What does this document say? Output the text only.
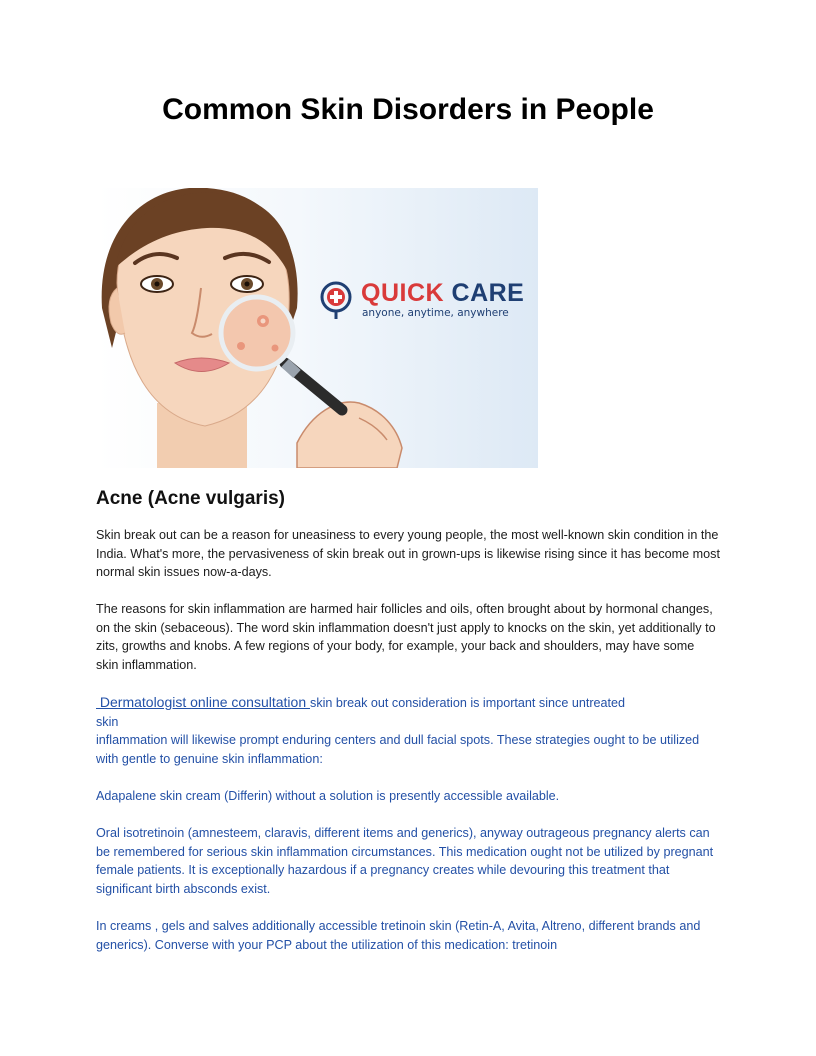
Common Skin Disorders in People
QUICK CARE
anyone, anytime, anywhere
Acne (Acne vulgaris)

Skin break out can be a reason for uneasiness to every young people, the most well-known skin condition in the India. What's more, the pervasiveness of skin break out in grown-ups is likewise rising since it has become most normal skin issues now-a-days.

The reasons for skin inflammation are harmed hair follicles and oils, often brought about by hormonal changes, on the skin (sebaceous). The word skin inflammation doesn't just apply to knocks on the skin, yet additionally to zits, growths and knobs. A few regions of your body, for example, your back and shoulders, may have some skin inflammation.

Dermatologist online consultation skin break out consideration is important since untreated
skin
inflammation will likewise prompt enduring centers and dull facial spots. These strategies ought to be utilized with gentle to genuine skin inflammation:

Adapalene skin cream (Differin) without a solution is presently accessible available.

Oral isotretinoin (amnesteem, claravis, different items and generics), anyway outrageous pregnancy alerts can be remembered for serious skin inflammation circumstances. This medication ought not be utilized by pregnant female patients. It is exceptionally hazardous if a pregnancy creates while devouring this treatment that significant birth absconds exist.

In creams , gels and salves additionally accessible tretinoin skin (Retin-A, Avita, Altreno, different brands and generics). Converse with your PCP about the utilization of this medication: tretinoin
